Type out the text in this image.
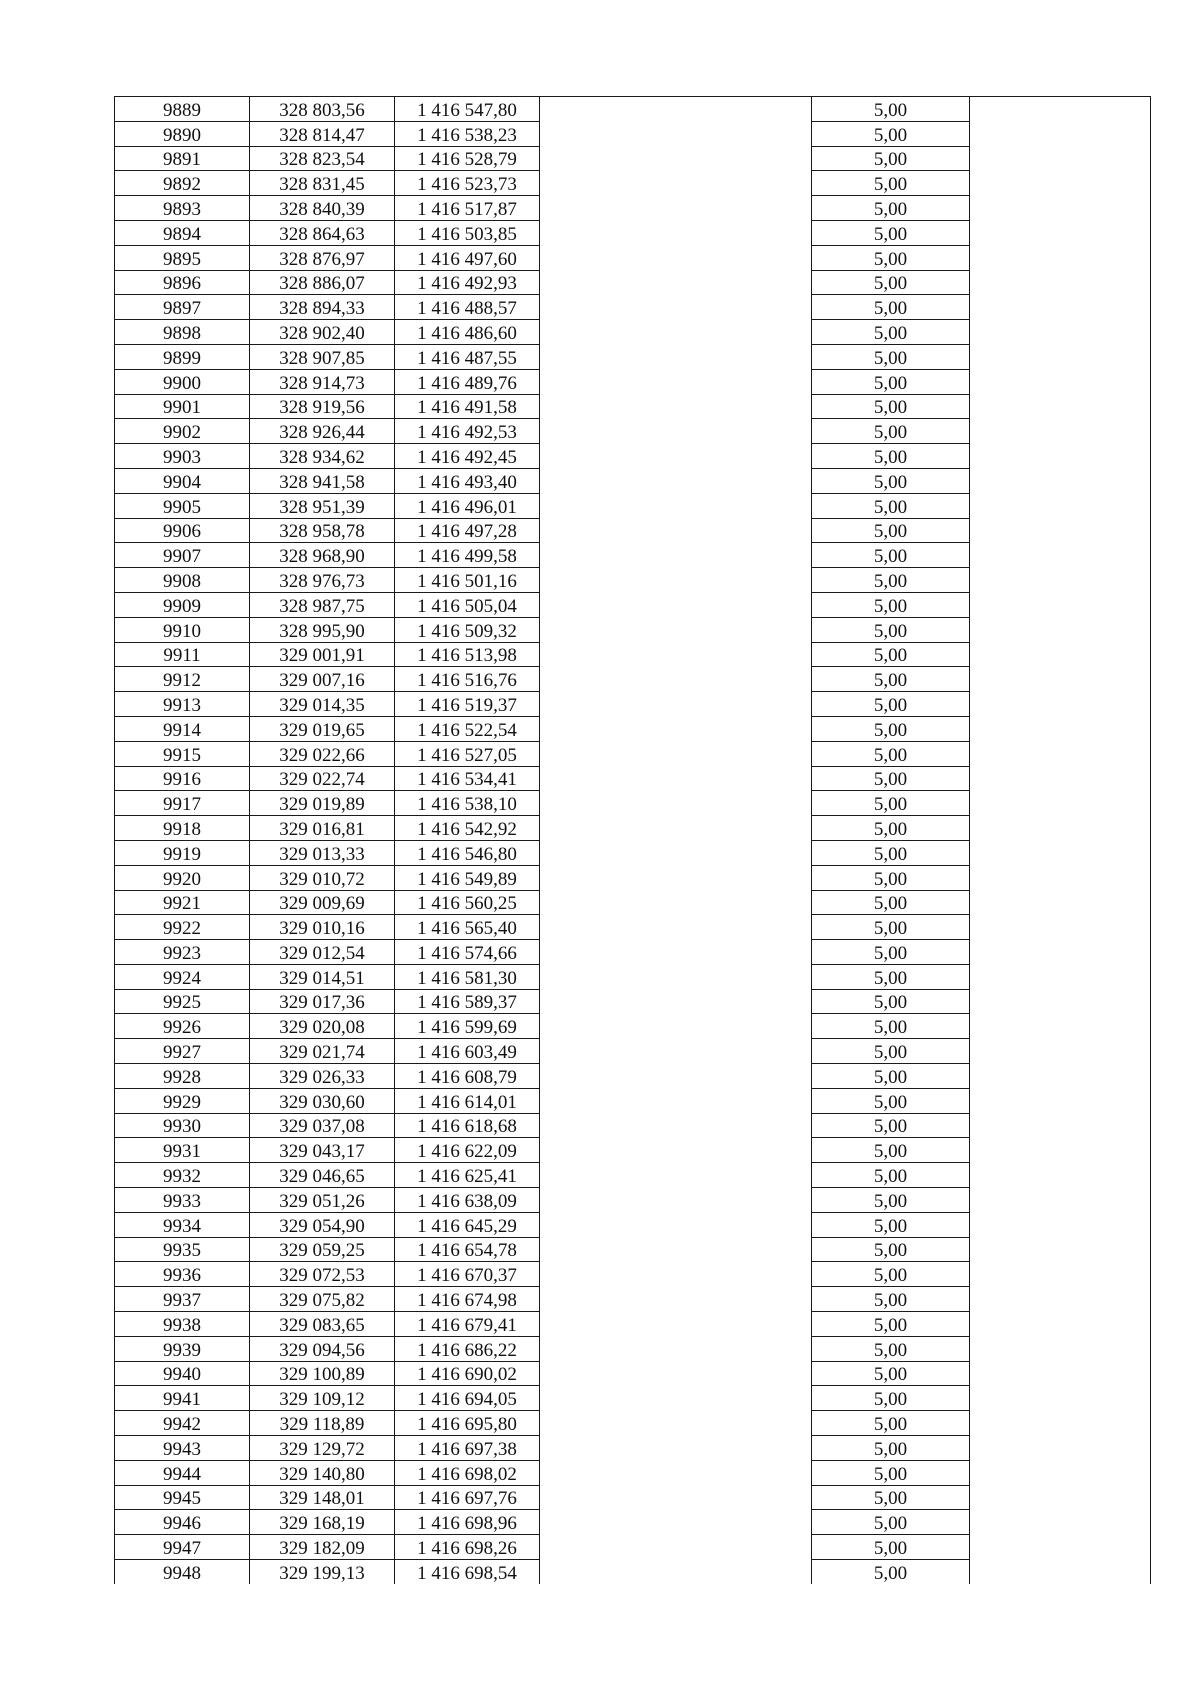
9889	328 803,56	1 416 547,80		5,00	
9890	328 814,47	1 416 538,23		5,00	
9891	328 823,54	1 416 528,79		5,00	
9892	328 831,45	1 416 523,73		5,00	
9893	328 840,39	1 416 517,87		5,00	
9894	328 864,63	1 416 503,85		5,00	
9895	328 876,97	1 416 497,60		5,00	
9896	328 886,07	1 416 492,93		5,00	
9897	328 894,33	1 416 488,57		5,00	
9898	328 902,40	1 416 486,60		5,00	
9899	328 907,85	1 416 487,55		5,00	
9900	328 914,73	1 416 489,76		5,00	
9901	328 919,56	1 416 491,58		5,00	
9902	328 926,44	1 416 492,53		5,00	
9903	328 934,62	1 416 492,45		5,00	
9904	328 941,58	1 416 493,40		5,00	
9905	328 951,39	1 416 496,01		5,00	
9906	328 958,78	1 416 497,28		5,00	
9907	328 968,90	1 416 499,58		5,00	
9908	328 976,73	1 416 501,16		5,00	
9909	328 987,75	1 416 505,04		5,00	
9910	328 995,90	1 416 509,32		5,00	
9911	329 001,91	1 416 513,98		5,00	
9912	329 007,16	1 416 516,76		5,00	
9913	329 014,35	1 416 519,37		5,00	
9914	329 019,65	1 416 522,54		5,00	
9915	329 022,66	1 416 527,05		5,00	
9916	329 022,74	1 416 534,41		5,00	
9917	329 019,89	1 416 538,10		5,00	
9918	329 016,81	1 416 542,92		5,00	
9919	329 013,33	1 416 546,80		5,00	
9920	329 010,72	1 416 549,89		5,00	
9921	329 009,69	1 416 560,25		5,00	
9922	329 010,16	1 416 565,40		5,00	
9923	329 012,54	1 416 574,66		5,00	
9924	329 014,51	1 416 581,30		5,00	
9925	329 017,36	1 416 589,37		5,00	
9926	329 020,08	1 416 599,69		5,00	
9927	329 021,74	1 416 603,49		5,00	
9928	329 026,33	1 416 608,79		5,00	
9929	329 030,60	1 416 614,01		5,00	
9930	329 037,08	1 416 618,68		5,00	
9931	329 043,17	1 416 622,09		5,00	
9932	329 046,65	1 416 625,41		5,00	
9933	329 051,26	1 416 638,09		5,00	
9934	329 054,90	1 416 645,29		5,00	
9935	329 059,25	1 416 654,78		5,00	
9936	329 072,53	1 416 670,37		5,00	
9937	329 075,82	1 416 674,98		5,00	
9938	329 083,65	1 416 679,41		5,00	
9939	329 094,56	1 416 686,22		5,00	
9940	329 100,89	1 416 690,02		5,00	
9941	329 109,12	1 416 694,05		5,00	
9942	329 118,89	1 416 695,80		5,00	
9943	329 129,72	1 416 697,38		5,00	
9944	329 140,80	1 416 698,02		5,00	
9945	329 148,01	1 416 697,76		5,00	
9946	329 168,19	1 416 698,96		5,00	
9947	329 182,09	1 416 698,26		5,00	
9948	329 199,13	1 416 698,54		5,00	
